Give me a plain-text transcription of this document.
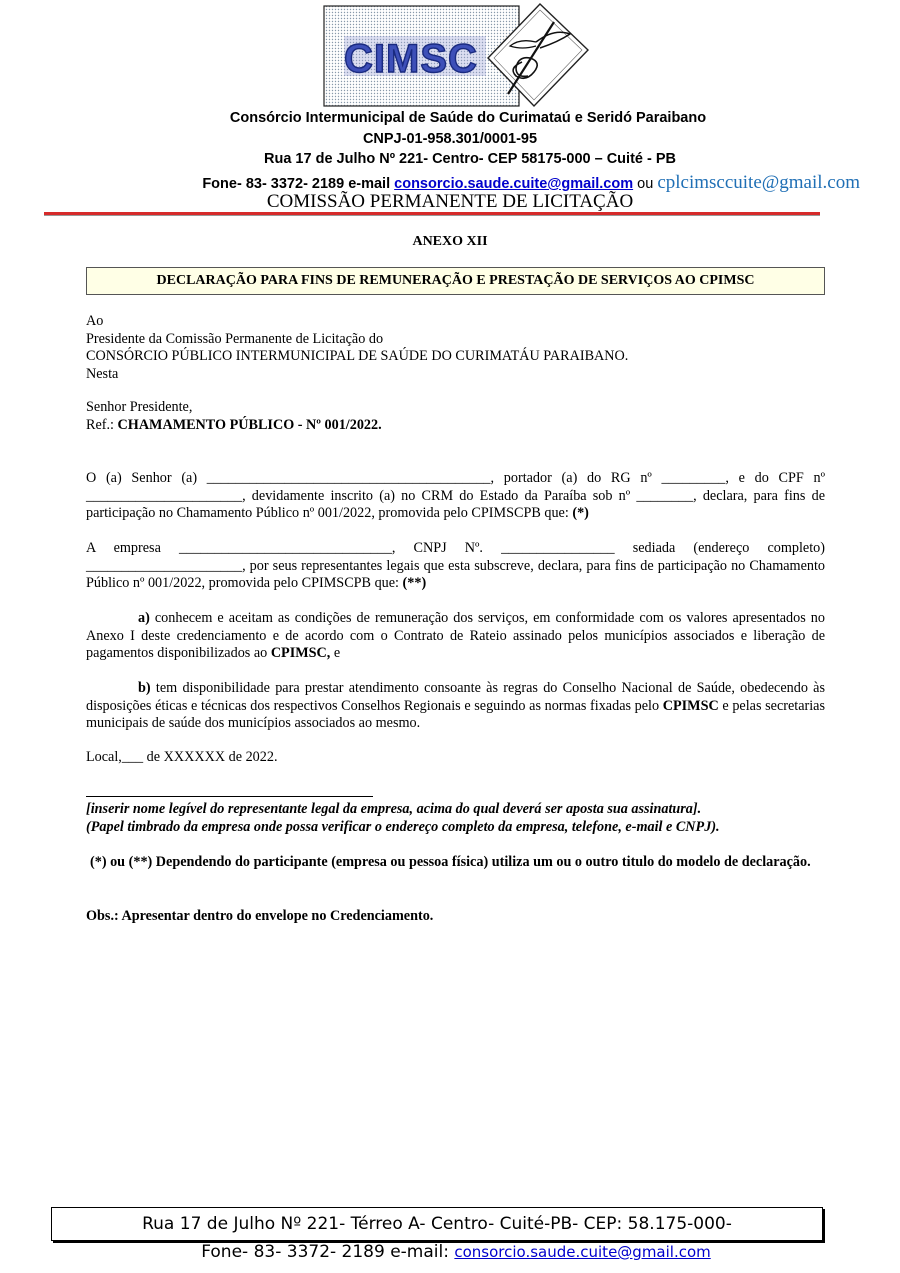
CIMSC
Consórcio Intermunicipal de Saúde do Curimataú e Seridó Paraibano
CNPJ-01-958.301/0001-95
Rua 17 de Julho Nº 221- Centro- CEP 58175-000 – Cuité - PB
Fone- 83- 3372- 2189 e-mail consorcio.saude.cuite@gmail.com ou cplcimsccuite@gmail.com
COMISSÃO PERMANENTE DE LICITAÇÃO
ANEXO XII
DECLARAÇÃO PARA FINS DE REMUNERAÇÃO E PRESTAÇÃO DE SERVIÇOS AO CPIMSC

Ao

Presidente da Comissão Permanente de Licitação do

CONSÓRCIO PÚBLICO INTERMUNICIPAL DE SAÚDE DO CURIMATÁU PARAIBANO.

Nesta

Senhor Presidente,

Ref.: CHAMAMENTO PÚBLICO - Nº 001/2022.

O (a) Senhor (a) ________________________________________, portador (a) do RG nº _________, e do CPF nº ______________________, devidamente inscrito (a) no CRM do Estado da Paraíba sob nº ________, declara, para fins de participação no Chamamento Público nº 001/2022, promovida pelo CPIMSCPB que: (*)
A empresa ______________________________, CNPJ Nº. ________________ sediada (endereço completo) ______________________, por seus representantes legais que esta subscreve, declara, para fins de participação no Chamamento Público nº 001/2022, promovida pelo CPIMSCPB que: (**)
a) conhecem e aceitam as condições de remuneração dos serviços, em conformidade com os valores apresentados no Anexo I deste credenciamento e de acordo com o Contrato de Rateio assinado pelos municípios associados e liberação de pagamentos disponibilizados ao CPIMSC, e
b) tem disponibilidade para prestar atendimento consoante às regras do Conselho Nacional de Saúde, obedecendo às disposições éticas e técnicas dos respectivos Conselhos Regionais e seguindo as normas fixadas pelo CPIMSC e pelas secretarias municipais de saúde dos municípios associados ao mesmo.
Local,___ de XXXXXX de 2022.

[inserir nome legível do representante legal da empresa, acima do qual deverá ser aposta sua assinatura].

(Papel timbrado da empresa onde possa verificar o endereço completo da empresa, telefone, e-mail e CNPJ).

(*) ou (**) Dependendo do participante (empresa ou pessoa física) utiliza um ou o outro titulo do modelo de declaração.
Obs.: Apresentar dentro do envelope no Credenciamento.
Rua 17 de Julho Nº 221- Térreo A- Centro- Cuité-PB- CEP: 58.175-000-
Fone- 83- 3372- 2189 e-mail: consorcio.saude.cuite@gmail.com
